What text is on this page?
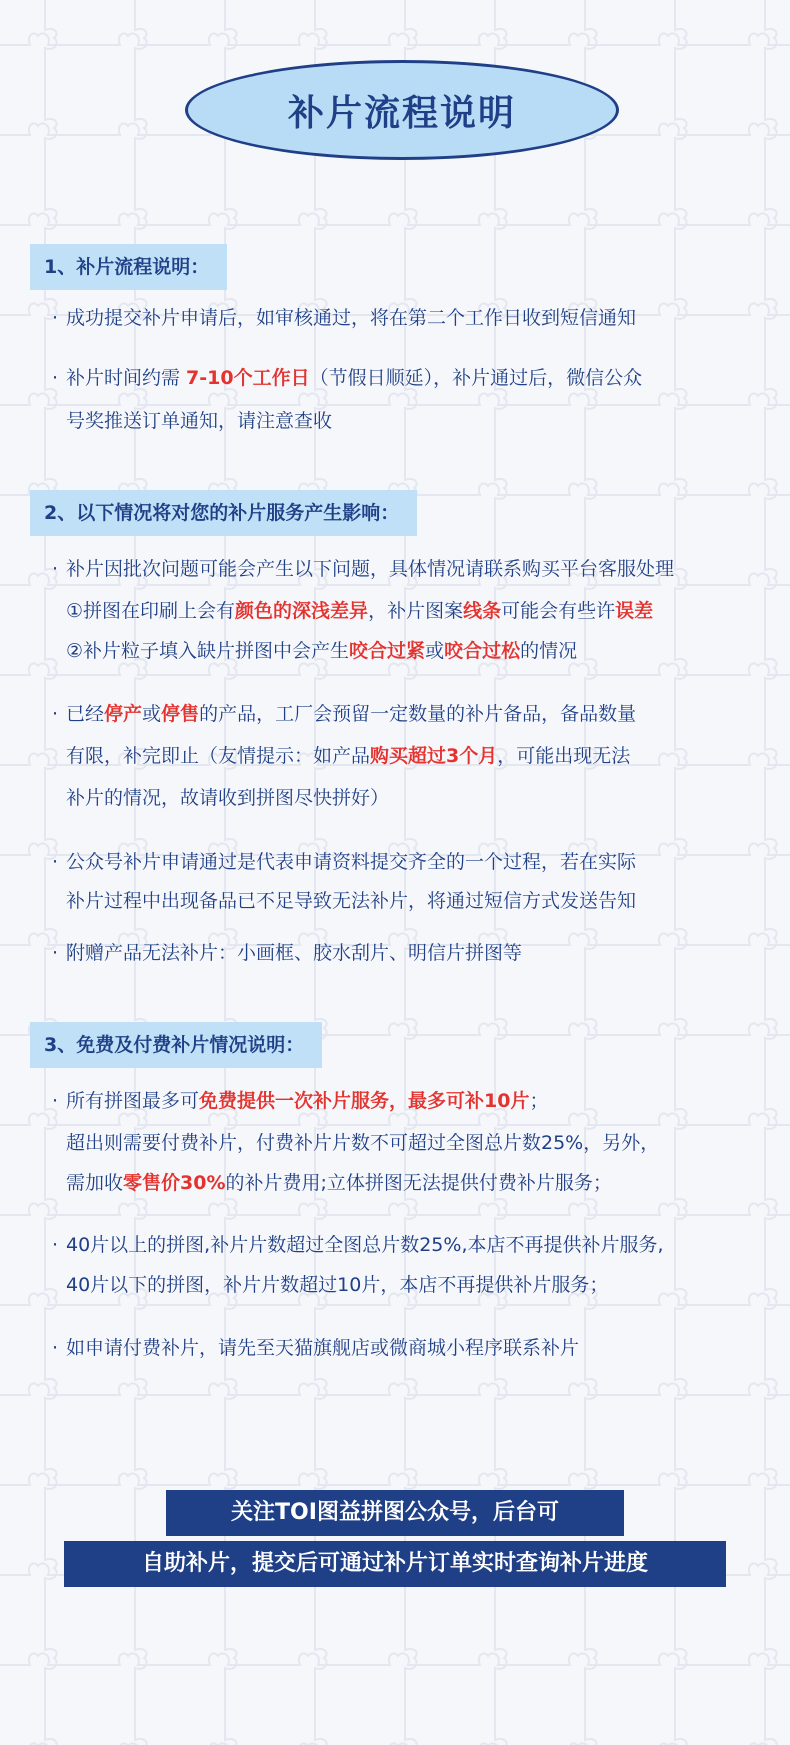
补片流程说明
1、补片流程说明：
· 成功提交补片申请后，如审核通过，将在第二个工作日收到短信通知
· 补片时间约需 7-10个工作日（节假日顺延），补片通过后，微信公众
号奖推送订单通知，请注意查收
2、以下情况将对您的补片服务产生影响：
· 补片因批次问题可能会产生以下问题，具体情况请联系购买平台客服处理
①拼图在印刷上会有颜色的深浅差异，补片图案线条可能会有些许误差
②补片粒子填入缺片拼图中会产生咬合过紧或咬合过松的情况
· 已经停产或停售的产品，工厂会预留一定数量的补片备品，备品数量
有限，补完即止（友情提示：如产品购买超过3个月，可能出现无法
补片的情况，故请收到拼图尽快拼好）
· 公众号补片申请通过是代表申请资料提交齐全的一个过程，若在实际
补片过程中出现备品已不足导致无法补片，将通过短信方式发送告知
· 附赠产品无法补片：小画框、胶水刮片、明信片拼图等
3、免费及付费补片情况说明：
· 所有拼图最多可免费提供一次补片服务，最多可补10片；
超出则需要付费补片，付费补片片数不可超过全图总片数25%，另外，
需加收零售价30%的补片费用;立体拼图无法提供付费补片服务；
· 40片以上的拼图,补片片数超过全图总片数25%,本店不再提供补片服务,
40片以下的拼图，补片片数超过10片，本店不再提供补片服务；
· 如申请付费补片，请先至天猫旗舰店或微商城小程序联系补片
关注TOI图益拼图公众号，后台可
自助补片，提交后可通过补片订单实时查询补片进度
